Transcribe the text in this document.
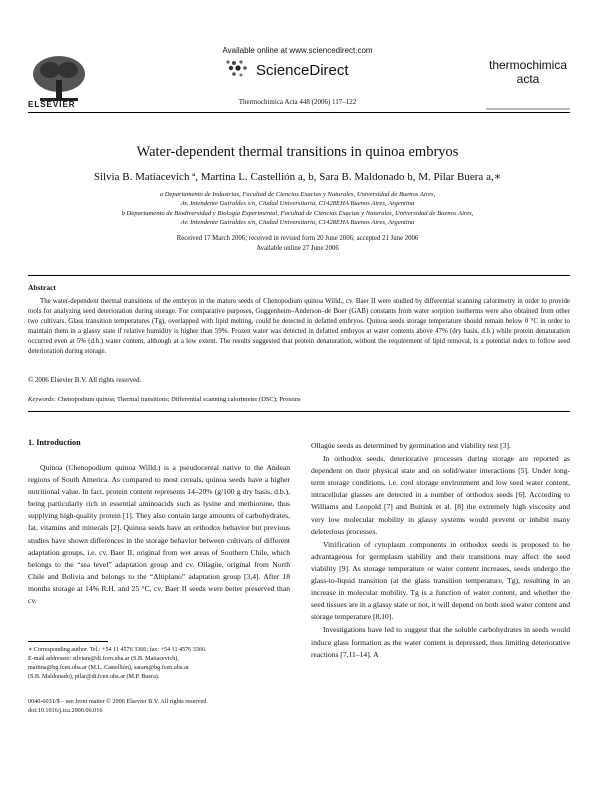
ELSEVIER
Available online at www.sciencedirect.com
ScienceDirect
Thermochimica Acta 448 (2006) 117–122
thermochimica
acta
Water-dependent thermal transitions in quinoa embryos
Silvia B. Matiacevich ª, Martina L. Castellión a, b, Sara B. Maldonado b, M. Pilar Buera a,∗
a Departamento de Industrias, Facultad de Ciencias Exactas y Naturales, Universidad de Buenos Aires,
Av. Intendente Guiraldes s/n, Ciudad Universitaria, C1428EHA Buenos Aires, Argentina
b Departamento de Biodiversidad y Biología Experimental, Facultad de Ciencias Exactas y Naturales, Universidad de Buenos Aires,
Av. Intendente Guiraldes s/n, Ciudad Universitaria, C1428EHA Buenos Aires, Argentina
Received 17 March 2006; received in revised form 20 June 2006; accepted 21 June 2006
Available online 27 June 2006
Abstract
The water-dependent thermal transitions of the embryos in the mature seeds of Chenopodium quinoa Willd., cv. Baer II were studied by differential scanning calorimetry in order to provide tools for analyzing seed deterioration during storage. For comparative purposes, Guggenheim–Anderson–de Boer (GAB) constants from water sorption isotherms were also obtained from other two cultivars. Glass transition temperatures (Tg), overlapped with lipid melting, could be detected in defatted embryos. Quinoa seeds storage temperature should remain below 0 °C in order to maintain them in a glassy state if relative humidity is higher than 59%. Frozen water was detected in defatted embryos at water contents above 47% (dry basis, d.b.) while protein denaturation occurred even at 5% (d.b.) water content, although at a low extent. The results suggested that protein denaturation, without the requirement of lipid removal, is a potential index to follow seed deterioration during storage.
© 2006 Elsevier B.V. All rights reserved.
Keywords: Chenopodium quinoa; Thermal transitions; Differential scanning calorimeter (DSC); Proteins
1. Introduction

Quinoa (Chenopodium quinoa Willd.) is a pseudocereal native to the Andean regions of South America. As compared to most cereals, quinoa seeds have a higher nutritional value. In fact, protein content represents 14–20% (g/100 g dry basis, d.b.), being particularly rich in essential aminoacids such as lysine and methionine, thus supplying high-quality protein [1]. They also contain large amounts of carbohydrates, fat, vitamins and minerals [2]. Quinoa seeds have an orthodox behavior but previous studies have shown differences in the storage behavior between cultivars of different adaptation groups, i.e. cv. Baer II, original from wet areas of Southern Chile, which belongs to the “sea level” adaptation group and cv. Ollagüe, original from North Chile and Bolivia and belongs to the “Altiplano” adaptation group [3,4]. After 18 months storage at 14% R.H. and 25 °C, cv. Baer II seeds were better preserved than cv.

Ollagüe seeds as determined by germination and viability test [3].

In orthodox seeds, deteriorative processes during storage are reported as dependent on their physical state and on solid/water interactions [5]. Under long-term storage conditions, i.e. cool storage environment and low seed water content, intracellular glasses are detected in a number of orthodox seeds [6]. According to Williams and Leopold [7] and Buitink et al. [8] the extremely high viscosity and very low molecular mobility in glassy systems would prevent or inhibit many deleterious processes.

Vitrification of cytoplasm components in orthodox seeds is proposed to be advantageous for germplasm stability and their transitions may affect the seed viability [9]. As storage temperature or water content increases, seeds undergo the glass-to-liquid transition (at the glass transition temperature, Tg), resulting in an increase in molecular mobility. Tg is a function of water content, and whether the seed tissues are in a glassy state or not, it will depend on both seed water content and storage temperature [8,10].

Investigations have led to suggest that the soluble carbohydrates in seeds would induce glass formation as the water content is depressed, thus limiting deteriorative reactions [7,11–14]. A

∗ Corresponding author. Tel.: +54 11 4576 3366; fax: +54 11 4576 3366.
E-mail addresses: silviam@di.fcen.uba.ar (S.B. Matiacevich),
martina@bg.fcen.uba.ar (M.L. Castellión), saram@bg.fcen.uba.ar
(S.B. Maldonado), pilar@di.fcen.uba.ar (M.P. Buera).
0040-6031/$ – see front matter © 2006 Elsevier B.V. All rights reserved.
doi:10.1016/j.tca.2006.06.016
